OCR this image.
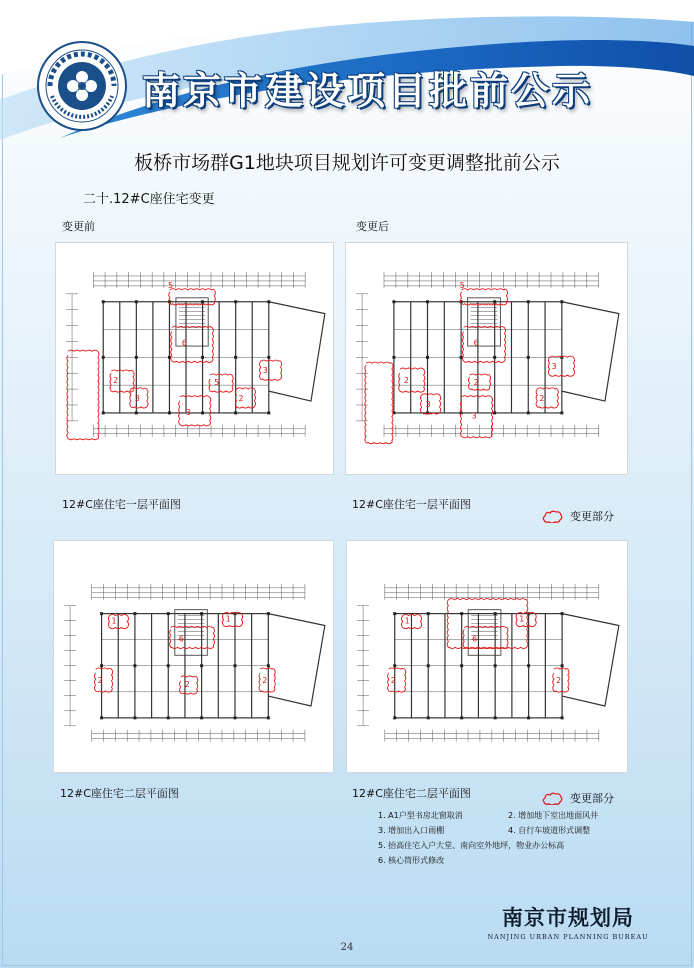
南京市建设项目批前公示
板桥市场群G1地块项目规划许可变更调整批前公示
二十.12#C座住宅变更
变更前	变更后
5
6
2
3
5
3
2
3
5
6
2
3
2
3
3
2
12#C座住宅一层平面图	12#C座住宅一层平面图
变更部分
1
6
1
2	2
2
1
6
1
2	2
12#C座住宅二层平面图	12#C座住宅二层平面图	变更部分
1. A1户型书房北窗取消	2. 增加地下室出地面风井
3. 增加出入口雨棚	4. 自行车坡道形式调整
5. 抬高住宅入户大堂、南向室外地坪，物业办公标高
6. 核心筒形式修改
南京市规划局
NANJING URBAN PLANNING BUREAU
24
